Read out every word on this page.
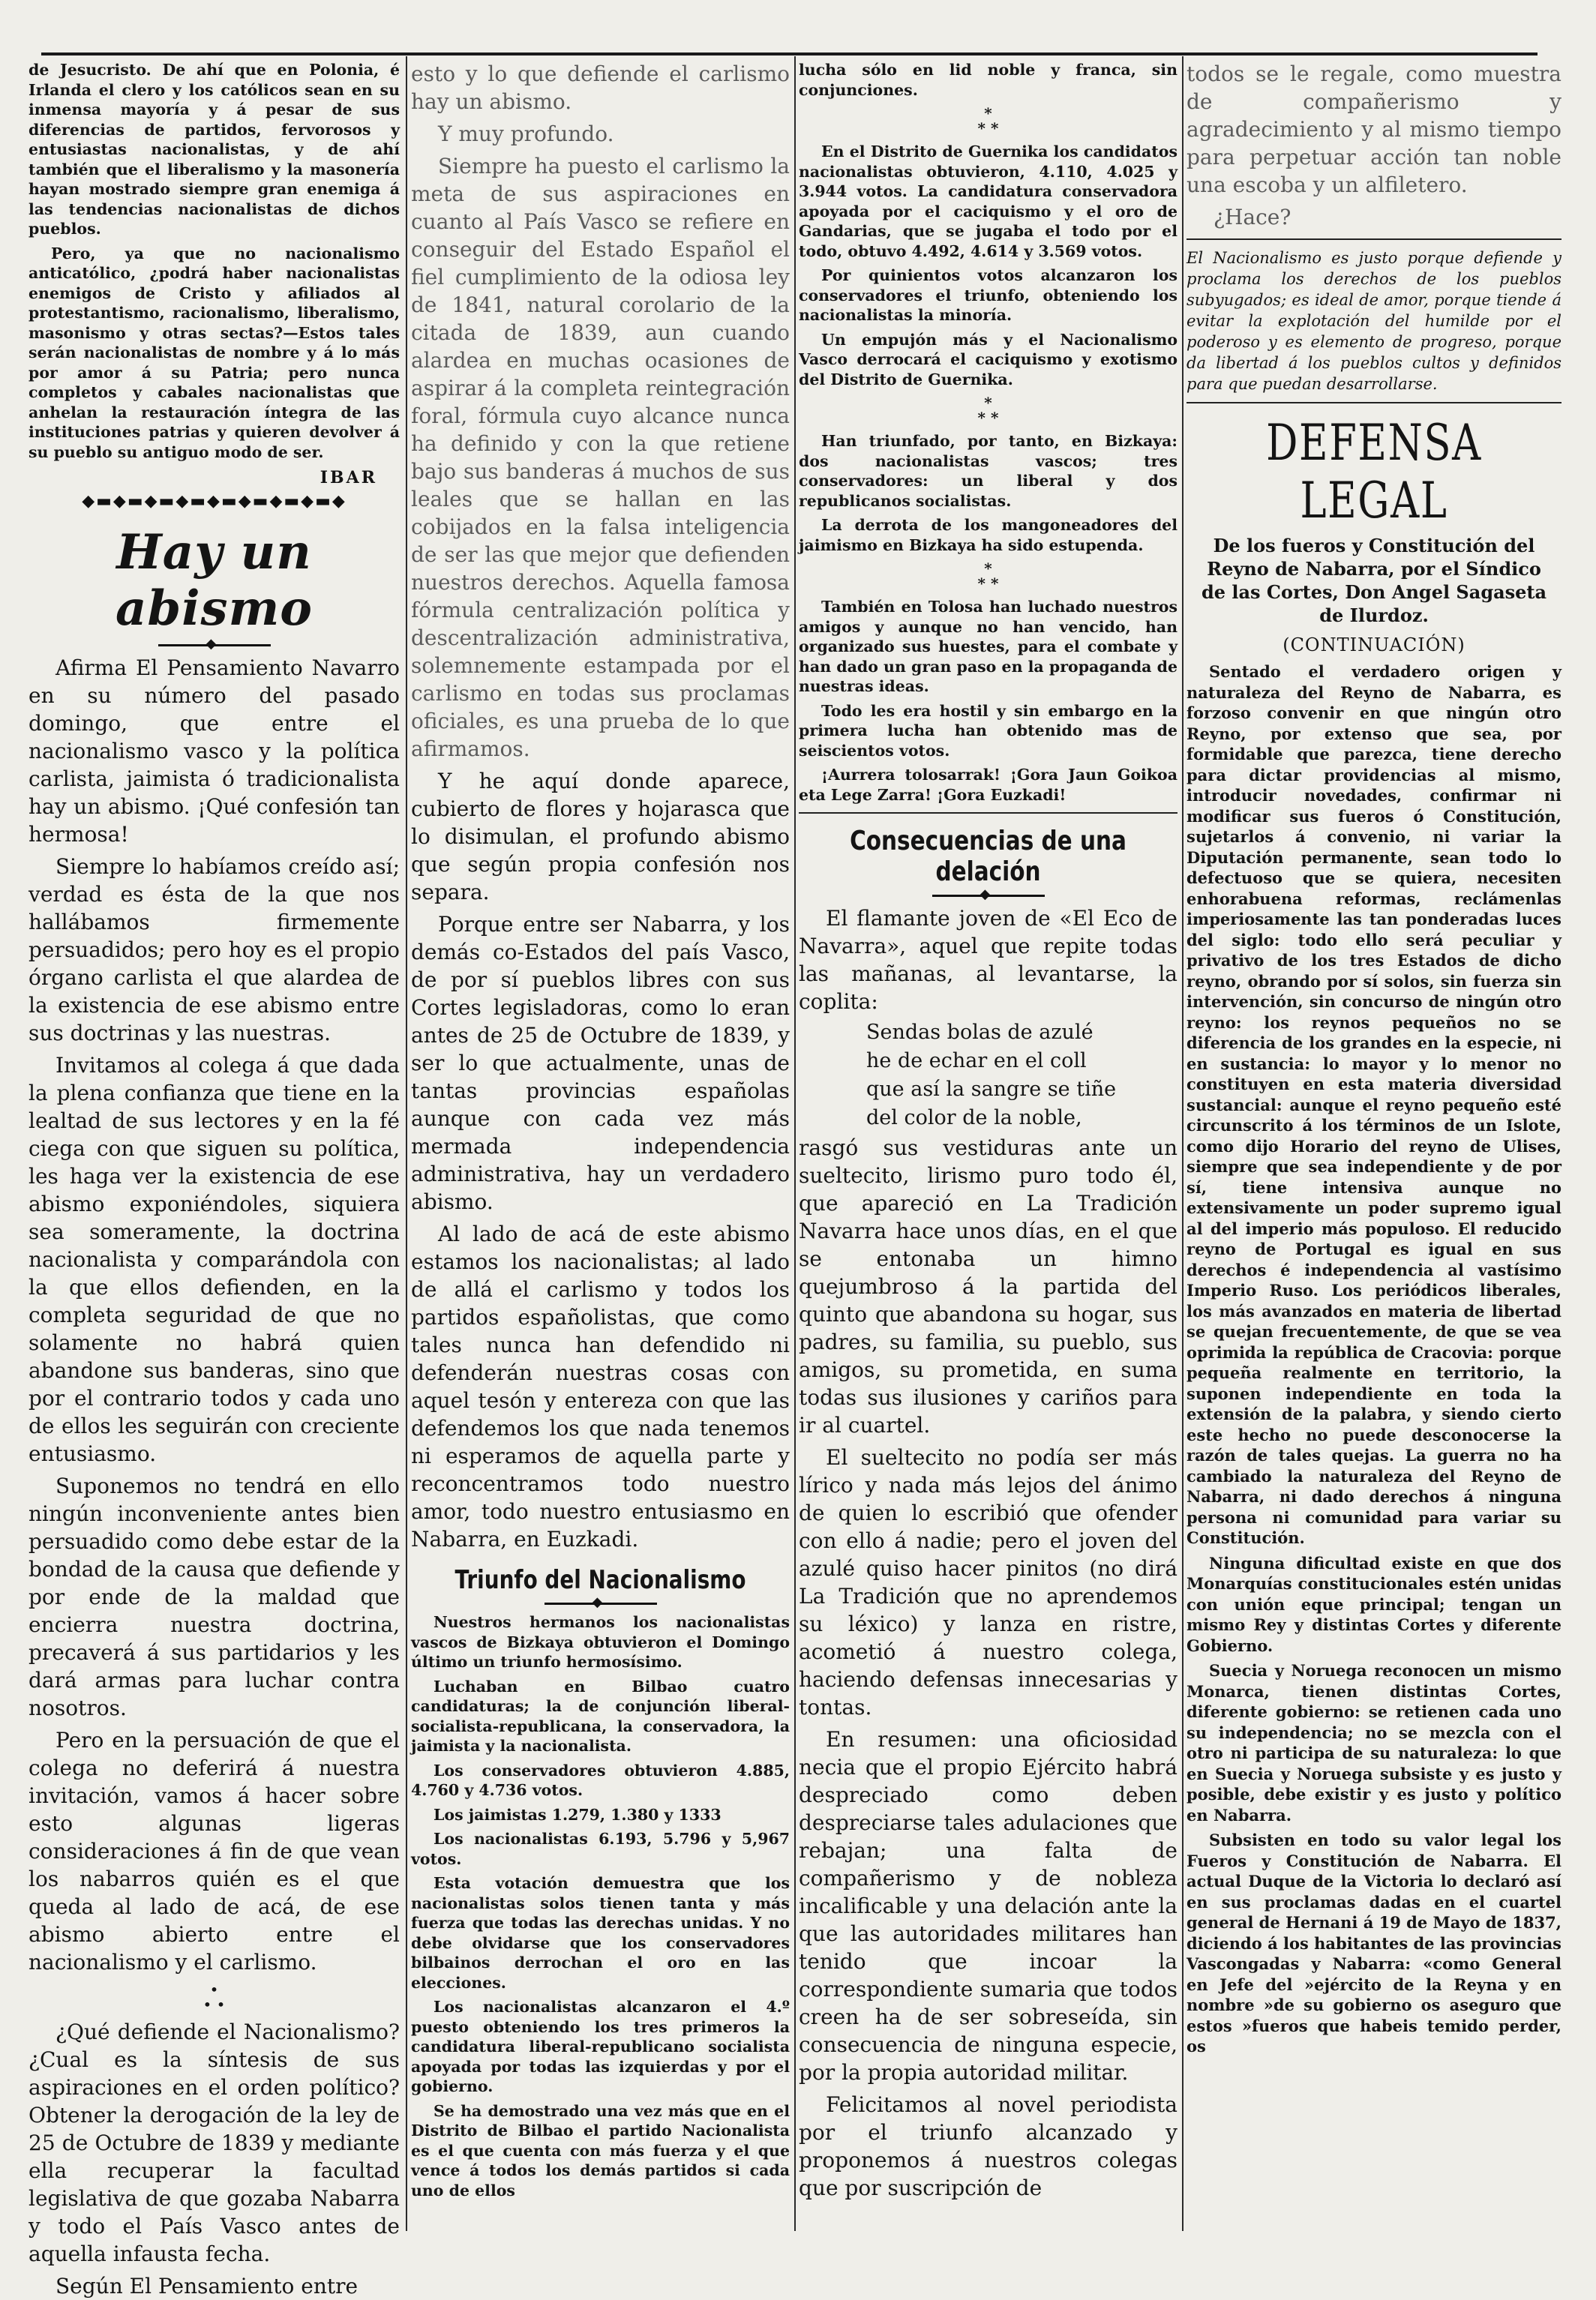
de Jesucristo. De ahí que en Polonia, é Irlanda el clero y los católicos sean en su inmensa mayoría y á pesar de sus diferencias de partidos, fervorosos y entusiastas nacionalistas, y de ahí también que el liberalismo y la masonería hayan mostrado siempre gran enemiga á las tendencias nacionalistas de dichos pueblos.

Pero, ya que no nacionalismo anticatólico, ¿podrá haber nacionalistas enemigos de Cristo y afiliados al protestantismo, racionalismo, liberalismo, masonismo y otras sectas?—Estos tales serán nacionalistas de nombre y á lo más por amor á su Patria; pero nunca completos y cabales nacionalistas que anhelan la restauración íntegra de las instituciones patrias y quieren devolver á su pueblo su antiguo modo de ser.

IBAR
◆▬◆▬◆▬◆▬◆▬◆▬◆▬◆▬◆
Hay un abismo
◆

Afirma El Pensamiento Navarro en su número del pasado domingo, que entre el nacionalismo vasco y la política carlista, jaimista ó tradicionalista hay un abismo. ¡Qué confesión tan hermosa!

Siempre lo habíamos creído así; verdad es ésta de la que nos hallábamos firmemente persuadidos; pero hoy es el propio órgano carlista el que alardea de la existencia de ese abismo entre sus doctrinas y las nuestras.

Invitamos al colega á que dada la plena confianza que tiene en la lealtad de sus lectores y en la fé ciega con que siguen su política, les haga ver la existencia de ese abismo exponiéndoles, siquiera sea someramente, la doctrina nacionalista y comparándola con la que ellos defienden, en la completa seguridad de que no solamente no habrá quien abandone sus banderas, sino que por el contrario todos y cada uno de ellos les seguirán con creciente entusiasmo.

Suponemos no tendrá en ello ningún inconveniente antes bien persuadido como debe estar de la bondad de la causa que defiende y por ende de la maldad que encierra nuestra doctrina, precaverá á sus partidarios y les dará armas para luchar contra nosotros.

Pero en la persuación de que el colega no deferirá á nuestra invitación, vamos á hacer sobre esto algunas ligeras consideraciones á fin de que vean los nabarros quién es el que queda al lado de acá, de ese abismo abierto entre el nacionalismo y el carlismo.

•
• •

¿Qué defiende el Nacionalismo? ¿Cual es la síntesis de sus aspiraciones en el orden político? Obtener la derogación de la ley de 25 de Octubre de 1839 y mediante ella recuperar la facultad legislativa de que gozaba Nabarra y todo el País Vasco antes de aquella infausta fecha.

Según El Pensamiento entre

esto y lo que defiende el carlismo hay un abismo.

Y muy profundo.

Siempre ha puesto el carlismo la meta de sus aspiraciones en cuanto al País Vasco se refiere en conseguir del Estado Español el fiel cumplimiento de la odiosa ley de 1841, natural corolario de la citada de 1839, aun cuando alardea en muchas ocasiones de aspirar á la completa reintegración foral, fórmula cuyo alcance nunca ha definido y con la que retiene bajo sus banderas á muchos de sus leales que se hallan en las cobijados en la falsa inteligencia de ser las que mejor que defienden nuestros derechos. Aquella famosa fórmula centralización política y descentralización administrativa, solemnemente estampada por el carlismo en todas sus proclamas oficiales, es una prueba de lo que afirmamos.

Y he aquí donde aparece, cubierto de flores y hojarasca que lo disimulan, el profundo abismo que según propia confesión nos separa.

Porque entre ser Nabarra, y los demás co-Estados del país Vasco, de por sí pueblos libres con sus Cortes legisladoras, como lo eran antes de 25 de Octubre de 1839, y ser lo que actualmente, unas de tantas provincias españolas aunque con cada vez más mermada independencia administrativa, hay un verdadero abismo.

Al lado de acá de este abismo estamos los nacionalistas; al lado de allá el carlismo y todos los partidos españolistas, que como tales nunca han defendido ni defenderán nuestras cosas con aquel tesón y entereza con que las defendemos los que nada tenemos ni esperamos de aquella parte y reconcentramos todo nuestro amor, todo nuestro entusiasmo en Nabarra, en Euzkadi.

Triunfo del Nacionalismo
◆

Nuestros hermanos los nacionalistas vascos de Bizkaya obtuvieron el Domingo último un triunfo hermosísimo.

Luchaban en Bilbao cuatro candidaturas; la de conjunción liberal-socialista-republicana, la conservadora, la jaimista y la nacionalista.

Los conservadores obtuvieron 4.885, 4.760 y 4.736 votos.

Los jaimistas 1.279, 1.380 y 1333

Los nacionalistas 6.193, 5.796 y 5,967 votos.

Esta votación demuestra que los nacionalistas solos tienen tanta y más fuerza que todas las derechas unidas. Y no debe olvidarse que los conservadores bilbainos derrochan el oro en las elecciones.

Los nacionalistas alcanzaron el 4.º puesto obteniendo los tres primeros la candidatura liberal-republicano socialista apoyada por todas las izquierdas y por el gobierno.

Se ha demostrado una vez más que en el Distrito de Bilbao el partido Nacionalista es el que cuenta con más fuerza y el que vence á todos los demás partidos si cada uno de ellos

lucha sólo en lid noble y franca, sin conjunciones.

*
* *

En el Distrito de Guernika los candidatos nacionalistas obtuvieron, 4.110, 4.025 y 3.944 votos. La candidatura conservadora apoyada por el caciquismo y el oro de Gandarias, que se jugaba el todo por el todo, obtuvo 4.492, 4.614 y 3.569 votos.

Por quinientos votos alcanzaron los conservadores el triunfo, obteniendo los nacionalistas la minoría.

Un empujón más y el Nacionalismo Vasco derrocará el caciquismo y exotismo del Distrito de Guernika.

*
* *

Han triunfado, por tanto, en Bizkaya: dos nacionalistas vascos; tres conservadores: un liberal y dos republicanos socialistas.

La derrota de los mangoneadores del jaimismo en Bizkaya ha sido estupenda.

*
* *

También en Tolosa han luchado nuestros amigos y aunque no han vencido, han organizado sus huestes, para el combate y han dado un gran paso en la propaganda de nuestras ideas.

Todo les era hostil y sin embargo en la primera lucha han obtenido mas de seiscientos votos.

¡Aurrera tolosarrak! ¡Gora Jaun Goikoa eta Lege Zarra! ¡Gora Euzkadi!

Consecuencias de una delación
◆

El flamante joven de «El Eco de Navarra», aquel que repite todas las mañanas, al levantarse, la coplita:

Sendas bolas de azulé
he de echar en el coll
que así la sangre se tiñe
del color de la noble,

rasgó sus vestiduras ante un sueltecito, lirismo puro todo él, que apareció en La Tradición Navarra hace unos días, en el que se entonaba un himno quejumbroso á la partida del quinto que abandona su hogar, sus padres, su familia, su pueblo, sus amigos, su prometida, en suma todas sus ilusiones y cariños para ir al cuartel.

El sueltecito no podía ser más lírico y nada más lejos del ánimo de quien lo escribió que ofender con ello á nadie; pero el joven del azulé quiso hacer pinitos (no dirá La Tradición que no aprendemos su léxico) y lanza en ristre, acometió á nuestro colega, haciendo defensas innecesarias y tontas.

En resumen: una oficiosidad necia que el propio Ejército habrá despreciado como deben despreciarse tales adulaciones que rebajan; una falta de compañerismo y de nobleza incalificable y una delación ante la que las autoridades militares han tenido que incoar la correspondiente sumaria que todos creen ha de ser sobreseída, sin consecuencia de ninguna especie, por la propia autoridad militar.

Felicitamos al novel periodista por el triunfo alcanzado y proponemos á nuestros colegas que por suscripción de

todos se le regale, como muestra de compañerismo y agradecimiento y al mismo tiempo para perpetuar acción tan noble una escoba y un alfiletero.

¿Hace?

El Nacionalismo es justo porque defiende y proclama los derechos de los pueblos subyugados; es ideal de amor, porque tiende á evitar la explotación del humilde por el poderoso y es elemento de progreso, porque da libertad á los pueblos cultos y definidos para que puedan desarrollarse.
DEFENSA LEGAL
De los fueros y Constitución del Reyno de Nabarra, por el Síndico de las Cortes, Don Angel Sagaseta de Ilurdoz.
(CONTINUACIÓN)

Sentado el verdadero origen y naturaleza del Reyno de Nabarra, es forzoso convenir en que ningún otro Reyno, por extenso que sea, por formidable que parezca, tiene derecho para dictar providencias al mismo, introducir novedades, confirmar ni modificar sus fueros ó Constitución, sujetarlos á convenio, ni variar la Diputación permanente, sean todo lo defectuoso que se quiera, necesiten enhorabuena reformas, reclámenlas imperiosamente las tan ponderadas luces del siglo: todo ello será peculiar y privativo de los tres Estados de dicho reyno, obrando por sí solos, sin fuerza sin intervención, sin concurso de ningún otro reyno: los reynos pequeños no se diferencia de los grandes en la especie, ni en sustancia: lo mayor y lo menor no constituyen en esta materia diversidad sustancial: aunque el reyno pequeño esté circunscrito á los términos de un Islote, como dijo Horario del reyno de Ulises, siempre que sea independiente y de por sí, tiene intensiva aunque no extensivamente un poder supremo igual al del imperio más populoso. El reducido reyno de Portugal es igual en sus derechos é independencia al vastísimo Imperio Ruso. Los periódicos liberales, los más avanzados en materia de libertad se quejan frecuentemente, de que se vea oprimida la república de Cracovia: porque pequeña realmente en territorio, la suponen independiente en toda la extensión de la palabra, y siendo cierto este hecho no puede desconocerse la razón de tales quejas. La guerra no ha cambiado la naturaleza del Reyno de Nabarra, ni dado derechos á ninguna persona ni comunidad para variar su Constitución.

Ninguna dificultad existe en que dos Monarquías constitucionales estén unidas con unión eque principal; tengan un mismo Rey y distintas Cortes y diferente Gobierno.

Suecia y Noruega reconocen un mismo Monarca, tienen distintas Cortes, diferente gobierno: se retienen cada uno su independencia; no se mezcla con el otro ni participa de su naturaleza: lo que en Suecia y Noruega subsiste y es justo y posible, debe existir y es justo y político en Nabarra.

Subsisten en todo su valor legal los Fueros y Constitución de Nabarra. El actual Duque de la Victoria lo declaró así en sus proclamas dadas en el cuartel general de Hernani á 19 de Mayo de 1837, diciendo á los habitantes de las provincias Vascongadas y Nabarra: «como General en Jefe del »ejército de la Reyna y en nombre »de su gobierno os aseguro que estos »fueros que habeis temido perder, os
